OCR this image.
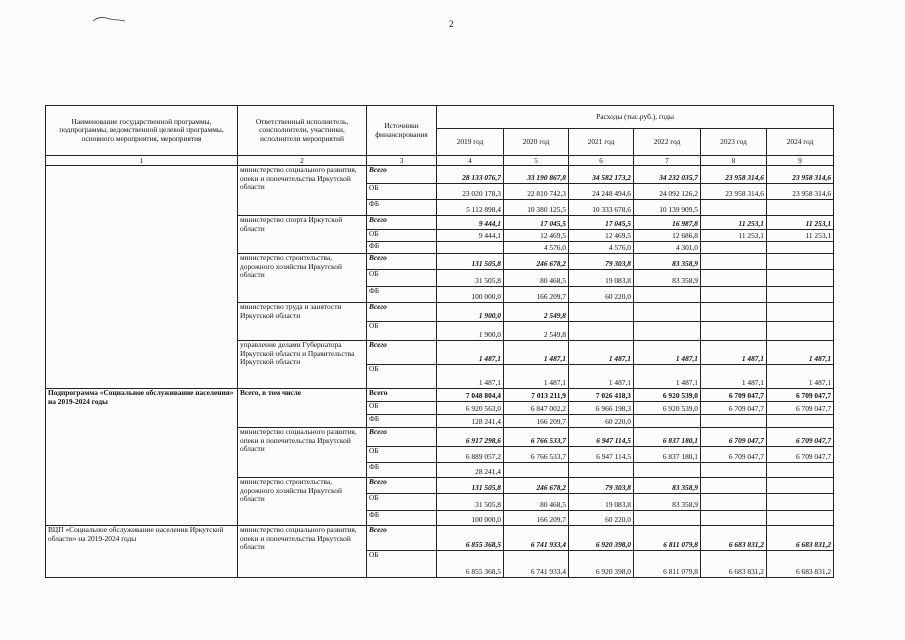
2
Наименование государственной программы, подпрограммы, ведомственной целевой программы, основного мероприятия, мероприятия	Ответственный исполнитель, соисполнители, участники, исполнители мероприятий	Источники финансирования	Расходы (тыс.руб.), годы					
			2019 год	2020 год	2021 год	2022 год	2023 год	2024 год
1	2	3	4	5	6	7	8	9
	министерство социального развития, опеки и попечительства Иркутской области	Всего	28 133 076,7	33 190 867,8	34 582 173,2	34 232 035,7	23 958 314,6	23 958 314,6
		ОБ	23 020 178,3	22 810 742,3	24 248 494,6	24 092 126,2	23 958 314,6	23 958 314,6
		ФБ	5 112 898,4	10 380 125,5	10 333 678,6	10 139 909,5		
	министерство спорта Иркутской области	Всего	9 444,1	17 045,5	17 045,5	16 987,8	11 253,1	11 253,1
		ОБ	9 444,1	12 469,5	12 469,5	12 686,8	11 253,1	11 253,1
		ФБ		4 576,0	4 576,0	4 301,0		
	министерство строительства, дорожного хозяйства Иркутской области	Всего	131 505,8	246 678,2	79 303,8	83 358,9		
		ОБ	31 505,8	80 468,5	19 083,8	83 358,9		
		ФБ	100 000,0	166 209,7	60 220,0			
	министерство труда и занятости Иркутской области	Всего	1 900,0	2 549,8				
		ОБ	1 900,0	2 549,8				
	управление делами Губернатора Иркутской области и Правительства Иркутской области	Всего	1 487,1	1 487,1	1 487,1	1 487,1	1 487,1	1 487,1
		ОБ	1 487,1	1 487,1	1 487,1	1 487,1	1 487,1	1 487,1
Подпрограмма «Социальное обслуживание населения» на 2019-2024 годы	Всего, в том числе	Всего	7 048 804,4	7 013 211,9	7 026 418,3	6 920 539,0	6 709 047,7	6 709 047,7
		ОБ	6 920 563,0	6 847 002,2	6 966 198,3	6 920 539,0	6 709 047,7	6 709 047,7
		ФБ	128 241,4	166 209,7	60 220,0			
	министерство социального развития, опеки и попечительства Иркутской области	Всего	6 917 298,6	6 766 533,7	6 947 114,5	6 837 180,1	6 709 047,7	6 709 047,7
		ОБ	6 889 057,2	6 766 533,7	6 947 114,5	6 837 180,1	6 709 047,7	6 709 047,7
		ФБ	28 241,4					
	министерство строительства, дорожного хозяйства Иркутской области	Всего	131 505,8	246 678,2	79 303,8	83 358,9		
		ОБ	31 505,8	80 468,5	19 083,8	83 358,9		
		ФБ	100 000,0	166 209,7	60 220,0			
ВЦП «Социальное обслуживание населения Иркутской области» на 2019-2024 годы	министерство социального развития, опеки и попечительства Иркутской области	Всего	6 855 368,5	6 741 933,4	6 920 398,0	6 811 079,8	6 683 831,2	6 683 831,2
		ОБ	6 855 368,5	6 741 933,4	6 920 398,0	6 811 079,8	6 683 831,2	6 683 831,2
